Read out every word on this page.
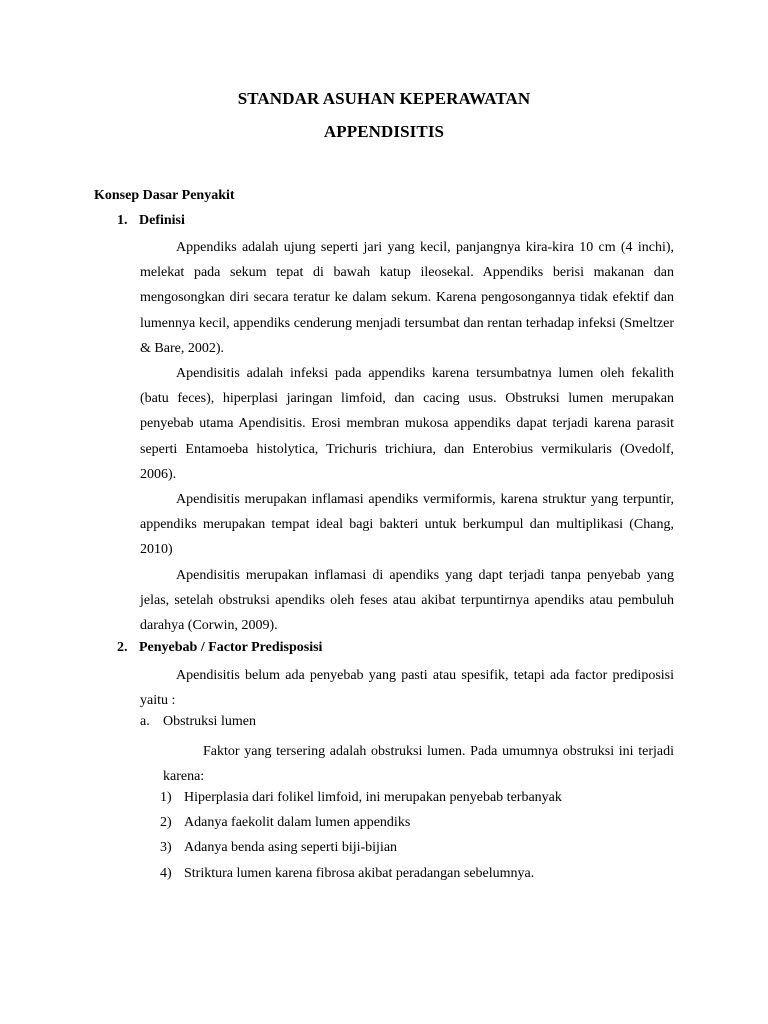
STANDAR ASUHAN KEPERAWATAN
APPENDISITIS
Konsep Dasar Penyakit
1. Definisi

Appendiks adalah ujung seperti jari yang kecil, panjangnya kira-kira 10 cm (4 inchi), melekat pada sekum tepat di bawah katup ileosekal. Appendiks berisi makanan dan mengosongkan diri secara teratur ke dalam sekum. Karena pengosongannya tidak efektif dan lumennya kecil, appendiks cenderung menjadi tersumbat dan rentan terhadap infeksi (Smeltzer & Bare, 2002).

Apendisitis adalah infeksi pada appendiks karena tersumbatnya lumen oleh fekalith (batu feces), hiperplasi jaringan limfoid, dan cacing usus. Obstruksi lumen merupakan penyebab utama Apendisitis. Erosi membran mukosa appendiks dapat terjadi karena parasit seperti Entamoeba histolytica, Trichuris trichiura, dan Enterobius vermikularis (Ovedolf, 2006).

Apendisitis merupakan inflamasi apendiks vermiformis, karena struktur yang terpuntir, appendiks merupakan tempat ideal bagi bakteri untuk berkumpul dan multiplikasi (Chang, 2010)

Apendisitis merupakan inflamasi di apendiks yang dapt terjadi tanpa penyebab yang jelas, setelah obstruksi apendiks oleh feses atau akibat terpuntirnya apendiks atau pembuluh darahya (Corwin, 2009).

2. Penyebab / Factor Predisposisi

Apendisitis belum ada penyebab yang pasti atau spesifik, tetapi ada factor prediposisi yaitu :

a. Obstruksi lumen

Faktor yang tersering adalah obstruksi lumen. Pada umumnya obstruksi ini terjadi karena:

1) Hiperplasia dari folikel limfoid, ini merupakan penyebab terbanyak
2) Adanya faekolit dalam lumen appendiks
3) Adanya benda asing seperti biji-bijian
4) Striktura lumen karena fibrosa akibat peradangan sebelumnya.
